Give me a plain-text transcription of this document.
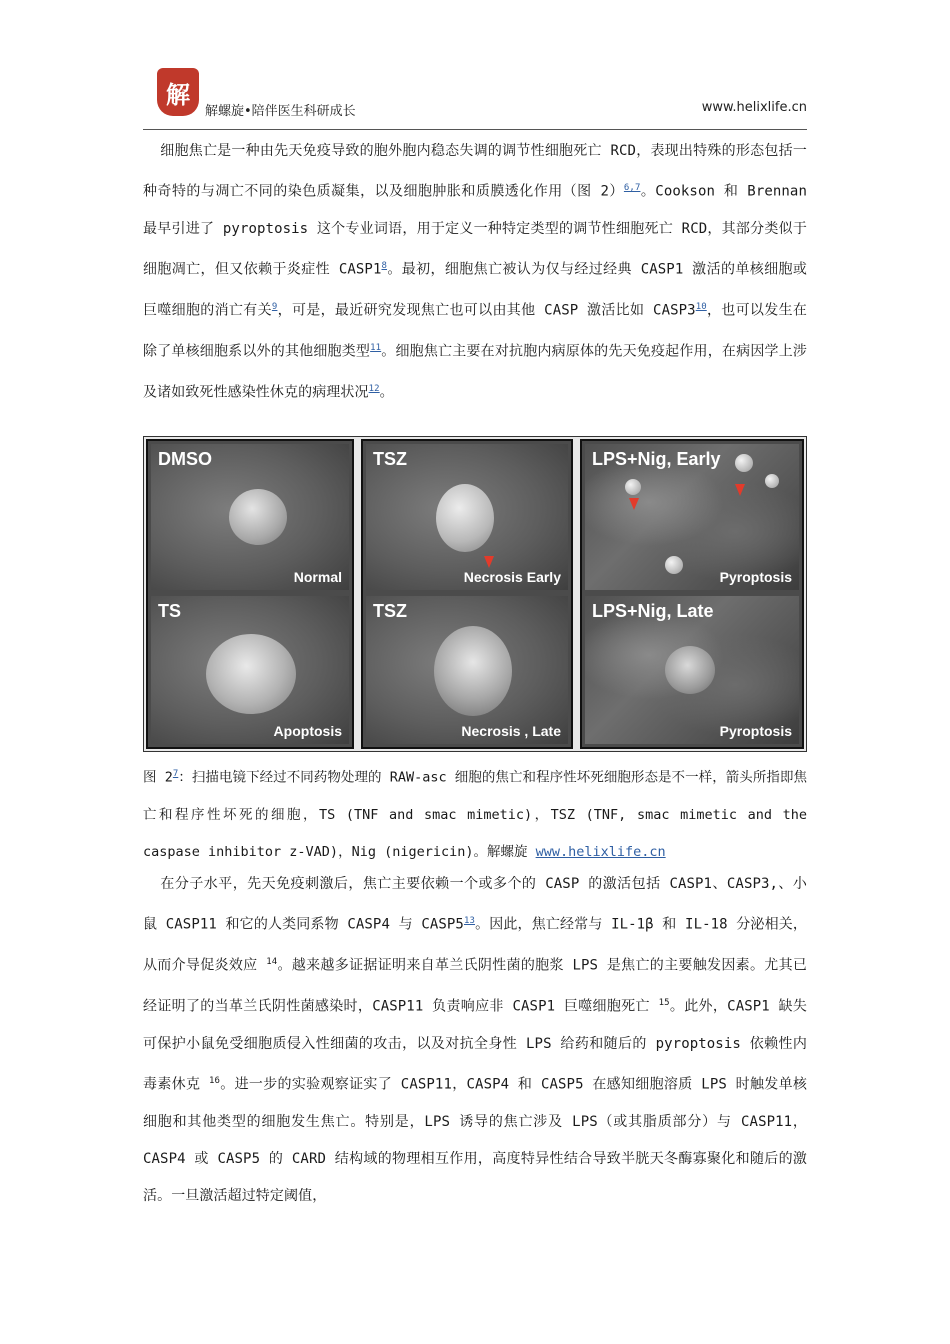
解
解螺旋•陪伴医生科研成长	www.helixlife.cn

  细胞焦亡是一种由先天免疫导致的胞外胞内稳态失调的调节性细胞死亡 RCD，表现出特殊的形态包括一种奇特的与凋亡不同的染色质凝集，以及细胞肿胀和质膜透化作用（图 2）$^{6,7}$。Cookson 和 Brennan 最早引进了 pyroptosis 这个专业词语，用于定义一种特定类型的调节性细胞死亡 RCD，其部分类似于细胞凋亡，但又依赖于炎症性 CASP1$^8$。最初，细胞焦亡被认为仅与经过经典 CASP1 激活的单核细胞或巨噬细胞的消亡有关$^9$，可是，最近研究发现焦亡也可以由其他 CASP 激活比如 CASP3$^{10}$，也可以发生在除了单核细胞系以外的其他细胞类型$^{11}$。细胞焦亡主要在对抗胞内病原体的先天免疫起作用，在病因学上涉及诸如致死性感染性休克的病理状况$^{12}$。

DMSO
Normal
TS
Apoptosis
TSZ
Necrosis Early
TSZ
Necrosis , Late
LPS+Nig, Early
Pyroptosis
LPS+Nig, Late
Pyroptosis

图 2$^7$：扫描电镜下经过不同药物处理的 RAW-asc 细胞的焦亡和程序性坏死细胞形态是不一样，箭头所指即焦亡和程序性坏死的细胞，TS (TNF and smac mimetic)，TSZ (TNF, smac mimetic and the caspase inhibitor z-VAD)，Nig (nigericin)。解螺旋 www.helixlife.cn

  在分子水平，先天免疫刺激后，焦亡主要依赖一个或多个的 CASP 的激活包括 CASP1、CASP3,、小鼠 CASP11 和它的人类同系物 CASP4 与 CASP5$^{13}$。因此，焦亡经常与 IL-1β 和 IL-18 分泌相关，从而介导促炎效应 $^{14}$。越来越多证据证明来自革兰氏阴性菌的胞浆 LPS 是焦亡的主要触发因素。尤其已经证明了的当革兰氏阴性菌感染时，CASP11 负责响应非 CASP1 巨噬细胞死亡 $^{15}$。此外，CASP1 缺失可保护小鼠免受细胞质侵入性细菌的攻击，以及对抗全身性 LPS 给药和随后的 pyroptosis 依赖性内毒素休克 $^{16}$。进一步的实验观察证实了 CASP11，CASP4 和 CASP5 在感知细胞溶质 LPS 时触发单核细胞和其他类型的细胞发生焦亡。特别是，LPS 诱导的焦亡涉及 LPS（或其脂质部分）与 CASP11，CASP4 或 CASP5 的 CARD 结构域的物理相互作用，高度特异性结合导致半胱天冬酶寡聚化和随后的激活。一旦激活超过特定阈值，
